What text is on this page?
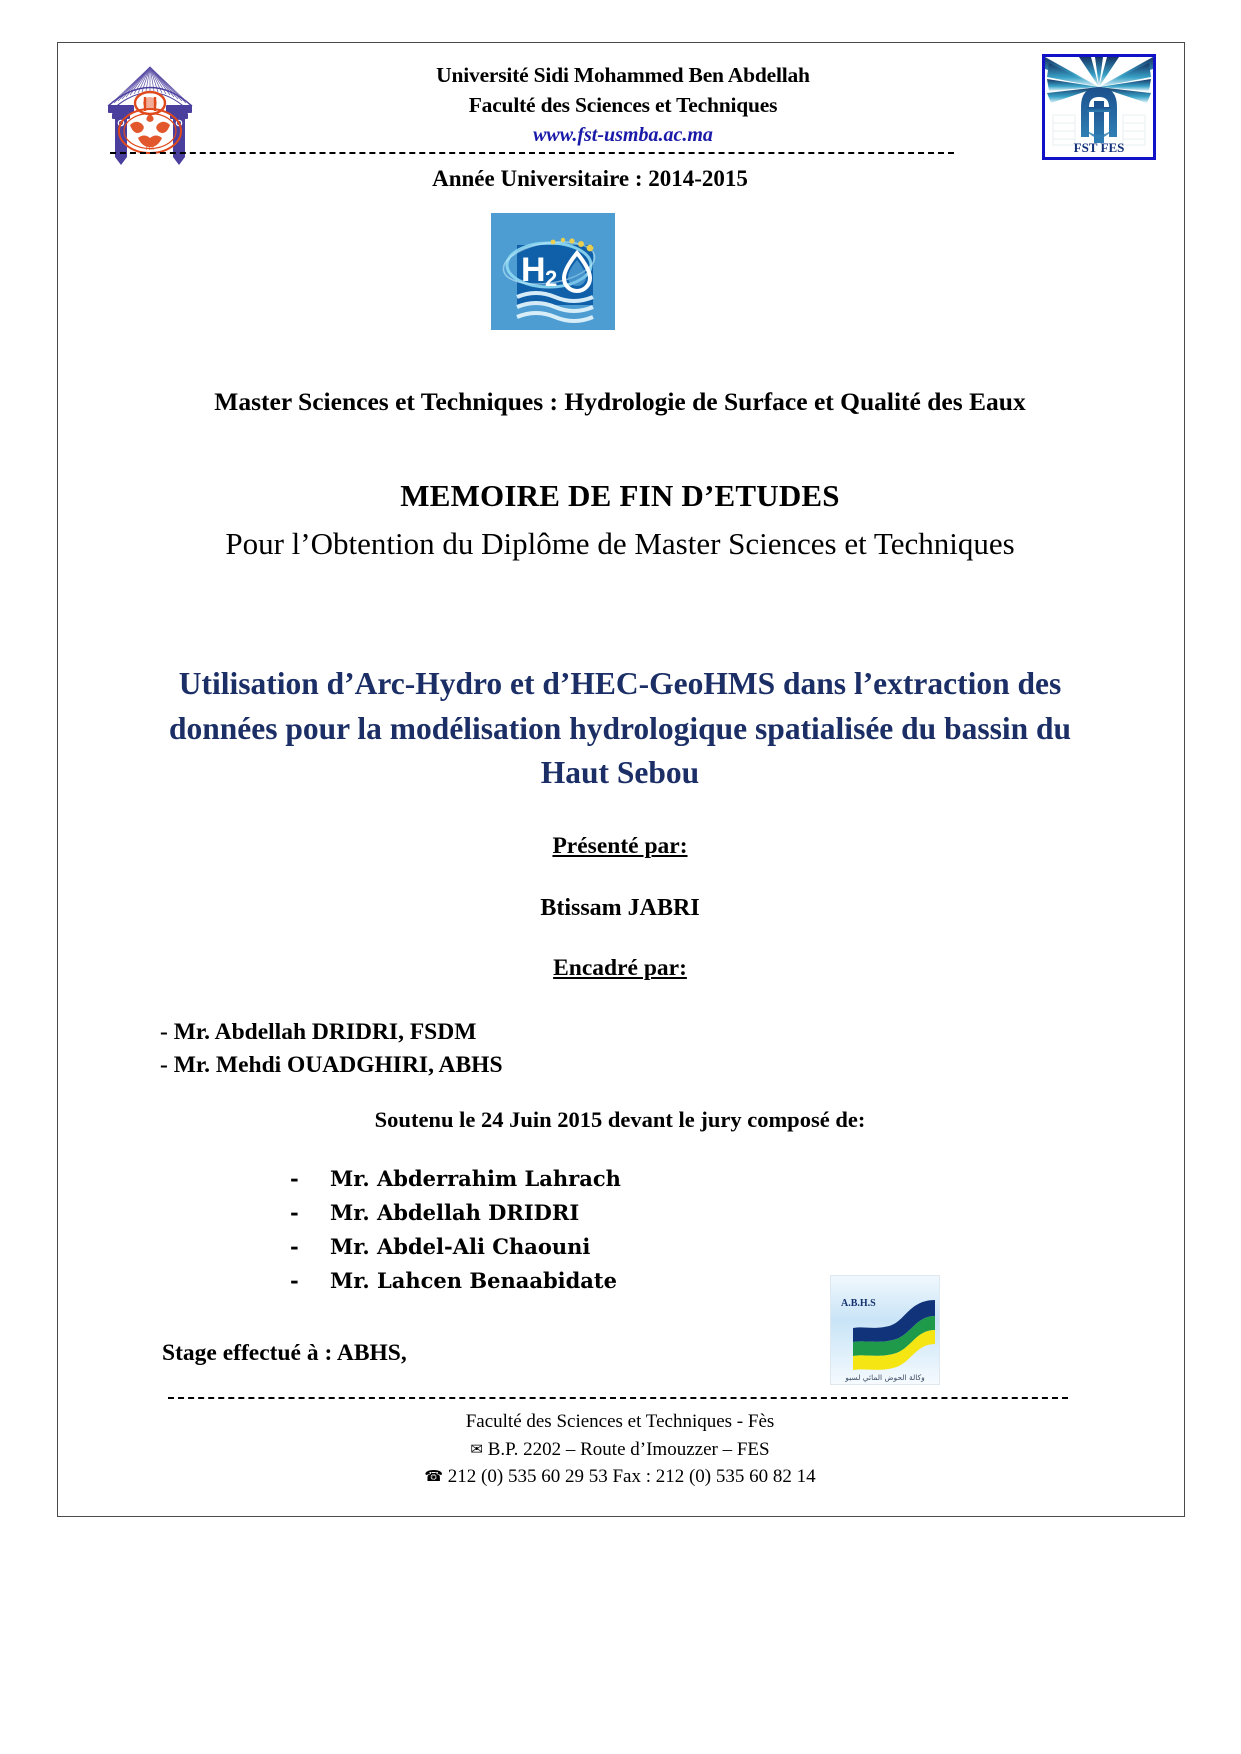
FES
Université Sidi Mohammed Ben Abdellah
Faculté des Sciences et Techniques
www.fst-usmba.ac.ma
FST FES
Année Universitaire : 2014-2015
H 2
Master Sciences et Techniques : Hydrologie de Surface et Qualité des Eaux
MEMOIRE DE FIN D’ETUDES
Pour l’Obtention du Diplôme de Master Sciences et Techniques
Utilisation d’Arc-Hydro et d’HEC-GeoHMS dans l’extraction des données pour la modélisation hydrologique spatialisée du bassin du Haut Sebou
Présenté par:
Btissam JABRI
Encadré par:
- Mr. Abdellah DRIDRI, FSDM
- Mr. Mehdi OUADGHIRI, ABHS
Soutenu le 24 Juin 2015 devant le jury composé de:
-	Mr. Abderrahim Lahrach
-	Mr. Abdellah DRIDRI
-	Mr. Abdel-Ali Chaouni
-	Mr. Lahcen Benaabidate
A.B.H.S
وكالة الحوض المائي لسبو
Stage effectué à : ABHS,
Faculté des Sciences et Techniques - Fès
✉ B.P. 2202 – Route d’Imouzzer – FES
☎ 212 (0) 535 60 29 53 Fax : 212 (0) 535 60 82 14
